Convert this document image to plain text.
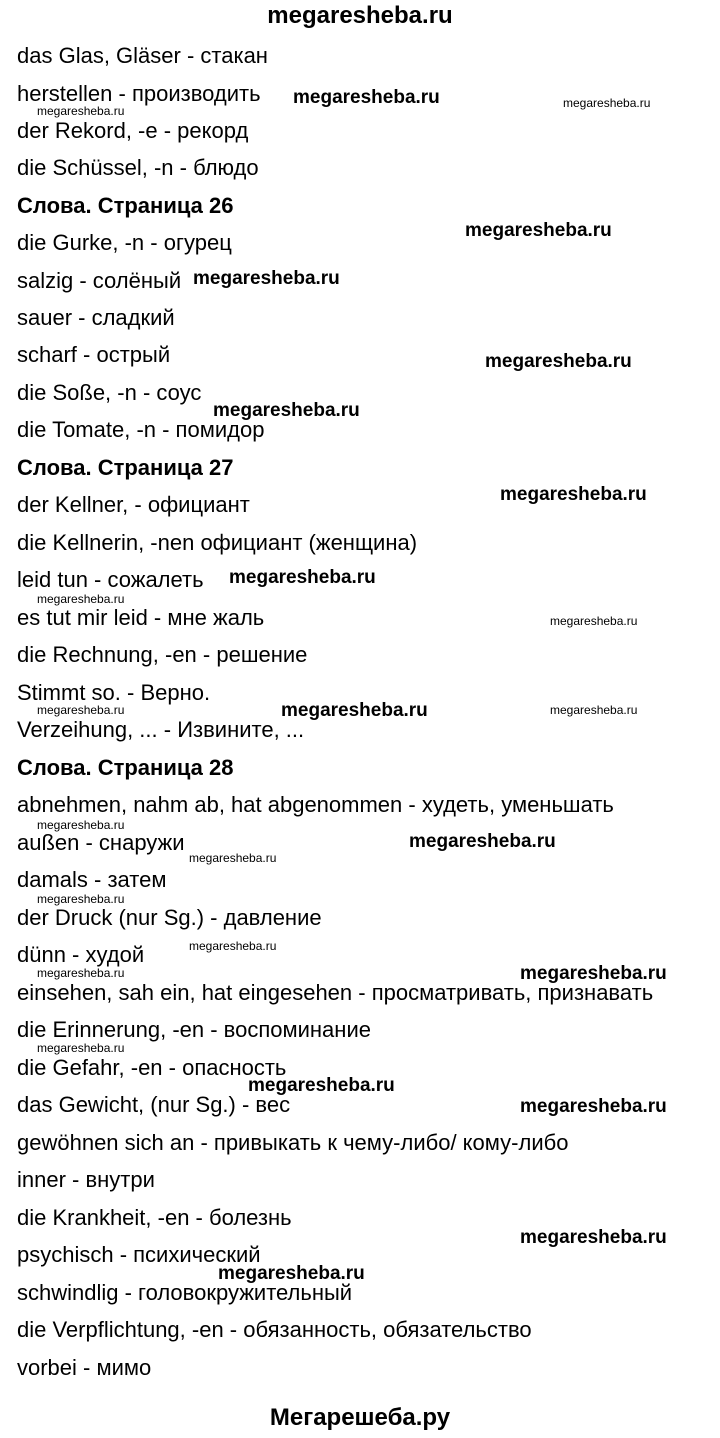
megaresheba.ru
das Glas, Gläser - стакан
herstellen - производить
der Rekord, -e - рекорд
die Schüssel, -n - блюдо
Слова. Страница 26
die Gurke, -n - огурец
salzig - солёный
sauer - сладкий
scharf - острый
die Soße, -n - соус
die Tomate, -n - помидор
Слова. Страница 27
der Kellner, - официант
die Kellnerin, -nen официант (женщина)
leid tun - сожалеть
es tut mir leid - мне жаль
die Rechnung, -en - решение
Stimmt so. - Верно.
Verzeihung, ... - Извините, ...
Слова. Страница 28
abnehmen, nahm ab, hat abgenommen - худеть, уменьшать
außen - снаружи
damals - затем
der Druck (nur Sg.) - давление
dünn - худой
einsehen, sah ein, hat eingesehen - просматривать, признавать
die Erinnerung, -en - воспоминание
die Gefahr, -en - опасность
das Gewicht, (nur Sg.) - вес
gewöhnen sich an - привыкать к чему-либо/ кому-либо
inner - внутри
die Krankheit, -en - болезнь
psychisch - психический
schwindlig - головокружительный
die Verpflichtung, -en - обязанность, обязательство
vorbei - мимо
megaresheba.ru	megaresheba.ru
megaresheba.ru
megaresheba.ru
megaresheba.ru
megaresheba.ru
megaresheba.ru
megaresheba.ru
megaresheba.ru
megaresheba.ru
megaresheba.ru
megaresheba.ru	megaresheba.ru	megaresheba.ru
megaresheba.ru
megaresheba.ru
megaresheba.ru
megaresheba.ru
megaresheba.ru
megaresheba.ru	megaresheba.ru
megaresheba.ru
megaresheba.ru
megaresheba.ru
megaresheba.ru
megaresheba.ru
Мегарешеба.ру
